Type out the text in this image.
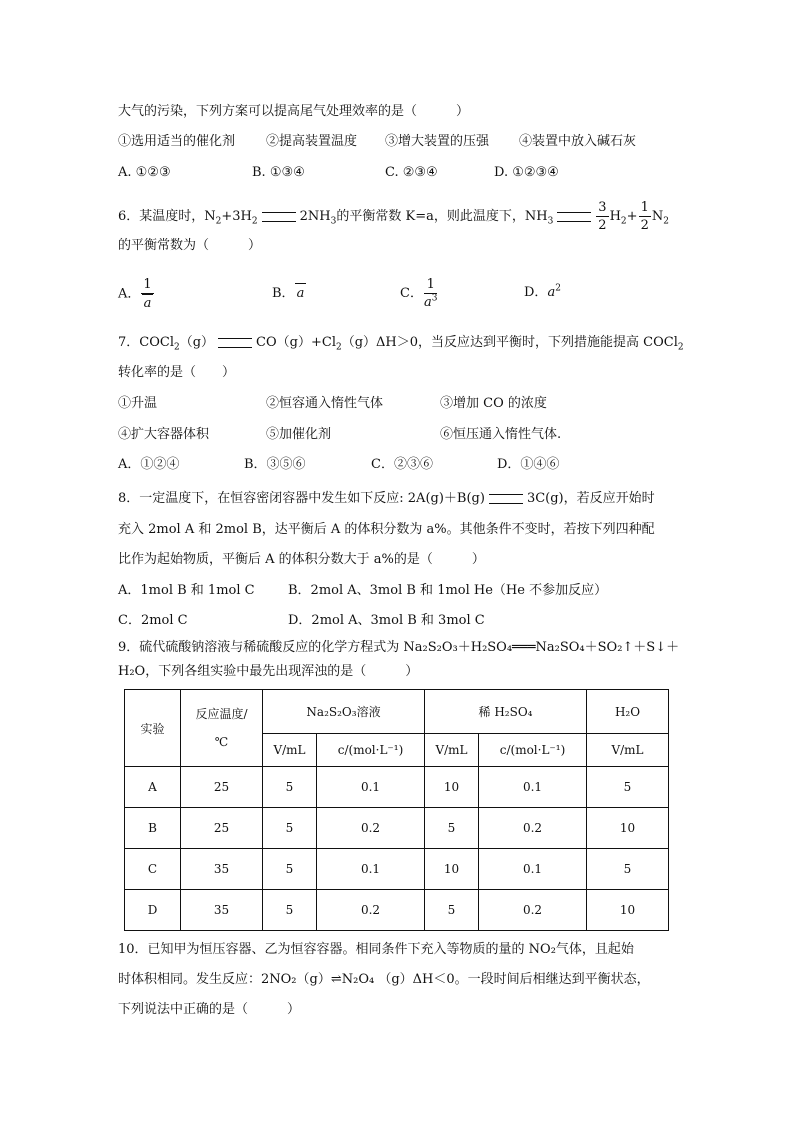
大气的污染，下列方案可以提高尾气处理效率的是（　　　）
①选用适当的催化剂 ②提高装置温度 ③增大装置的压强 ④装置中放入碱石灰
A. ①②③	B. ①③④	C. ②③④	D. ①②③④
6．某温度时，$N_2+3H_2$	$2NH_3$的平衡常数 K=a，则此温度下，$NH_3$	$\frac{3}{2} H_2+ \frac{1}{2} N_2$
的平衡常数为（　　　）
A． $\frac{1}{a}$	B． a	C． $\frac{1}{a^3}$	D．$a^2$
7．COCl$_2$（g）	$CO(g)+Cl_2(g)\Delta H>0$，当反应达到平衡时，下列措施能提高 COCl$_2$
转化率的是（　　）
①升温	②恒容通入惰性气体	③增加 CO 的浓度
④扩大容器体积	⑤加催化剂	⑥恒压通入惰性气体.
A．①②④	B．③⑤⑥	C．②③⑥	D．①④⑥
8．一定温度下，在恒容密闭容器中发生如下反应: 2A(g)＋B(g)	3C(g)，若反应开始时
充入 2mol A 和 2mol B，达平衡后 A 的体积分数为 a%。其他条件不变时，若按下列四种配
比作为起始物质，平衡后 A 的体积分数大于 a%的是（　　　）
A．1mol B 和 1mol C	B．2mol A、3mol B 和 1mol He（He 不参加反应）
C．2mol C	D．2mol A、3mol B 和 3mol C
9．硫代硫酸钠溶液与稀硫酸反应的化学方程式为 Na₂S₂O₃＋H₂SO₄═══Na₂SO₄＋SO₂↑＋S↓＋
H₂O，下列各组实验中最先出现浑浊的是（　　　）
实验	反应温度/℃	Na₂S₂O₃溶液		稀 H₂SO₄		H₂O
		V/mL	c/(mol·L⁻¹)	V/mL	c/(mol·L⁻¹)	V/mL
A	25	5	0.1	10	0.1	5
B	25	5	0.2	5	0.2	10
C	35	5	0.1	10	0.1	5
D	35	5	0.2	5	0.2	10
10．已知甲为恒压容器、乙为恒容容器。相同条件下充入等物质的量的 NO₂气体，且起始
时体积相同。发生反应：2NO₂（g）⇌N₂O₄ （g）ΔH＜0。一段时间后相继达到平衡状态，
下列说法中正确的是（　　　）
